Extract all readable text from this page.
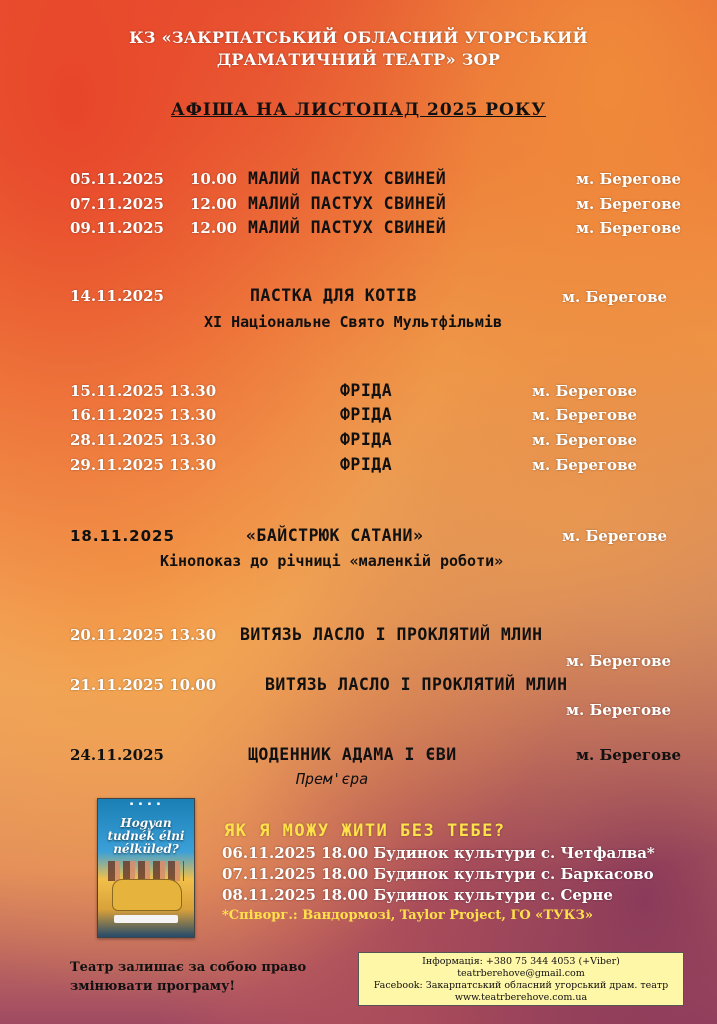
КЗ «ЗАКРПАТСЬКИЙ ОБЛАСНИЙ УГОРСЬКИЙ
ДРАМАТИЧНИЙ ТЕАТР» ЗОР
АФІША НА ЛИСТОПАД 2025 РОКУ
05.11.2025 10.00 МАЛИЙ ПАСТУХ СВИНЕЙ	м. Берегове
07.11.2025 12.00 МАЛИЙ ПАСТУХ СВИНЕЙ	м. Берегове
09.11.2025 12.00 МАЛИЙ ПАСТУХ СВИНЕЙ	м. Берегове
14.11.2025	ПАСТКА ДЛЯ КОТІВ	м. Берегове
XI Національне Свято Мультфільмів
15.11.2025 13.30	ФРІДА	м. Берегове
16.11.2025 13.30	ФРІДА	м. Берегове
28.11.2025 13.30	ФРІДА	м. Берегове
29.11.2025 13.30	ФРІДА	м. Берегове
18.11.2025	«БАЙСТРЮК САТАНИ»	м. Берегове
Кінопоказ до річниці «маленкій роботи»
20.11.2025 13.30 ВИТЯЗЬ ЛАСЛО І ПРОКЛЯТИЙ МЛИН
м. Берегове
21.11.2025 10.00	ВИТЯЗЬ ЛАСЛО І ПРОКЛЯТИЙ МЛИН
м. Берегове
24.11.2025	ЩОДЕННИК АДАМА І ЄВИ	м. Берегове
Прем'єра
▪ ▪ ▪ ▪
Hogyan
tudnék élni nélküled?
ЯК Я МОЖУ ЖИТИ БЕЗ ТЕБЕ?
06.11.2025 18.00 Будинок культури с. Четфалва*
07.11.2025 18.00 Будинок культури с. Баркасово
08.11.2025 18.00 Будинок культури с. Серне
*Співорг.: Вандормозі, Taylor Project, ГО «ТУКЗ»
Театр залишає за собою право змінювати програму!
Інформація: +380 75 344 4053 (+Viber)
teatrberehove@gmail.com
Facebook: Закарпатський обласний угорський драм. театр
www.teatrberehove.com.ua
